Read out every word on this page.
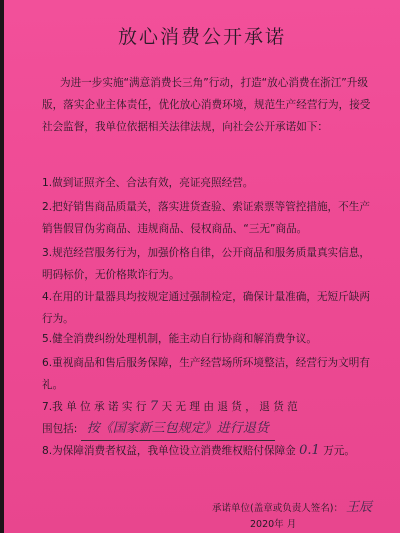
放心消费公开承诺
为进一步实施“满意消费长三角”行动，打造“放心消费在浙江”升级版，落实企业主体责任，优化放心消费环境，规范生产经营行为，接受社会监督，我单位依据相关法律法规，向社会公开承诺如下：
1.做到证照齐全、合法有效，亮证亮照经营。
2.把好销售商品质量关，落实进货查验、索证索票等管控措施，不生产销售假冒伪劣商品、违规商品、侵权商品、“三无”商品。
3.规范经营服务行为，加强价格自律，公开商品和服务质量真实信息，明码标价，无价格欺诈行为。
4.在用的计量器具均按规定通过强制检定，确保计量准确，无短斤缺两行为。
5.健全消费纠纷处理机制，能主动自行协商和解消费争议。
6.重视商品和售后服务保障，生产经营场所环境整洁，经营行为文明有礼。
7.我 单 位 承 诺 实 行 7 天 无 理 由 退 货 ， 退 货 范
围包括: 按《国家新三包规定》进行退货
8.为保障消费者权益，我单位设立消费维权赔付保障金 0.1 万元。
承诺单位(盖章或负责人签名)： 王辰
2020年 月
